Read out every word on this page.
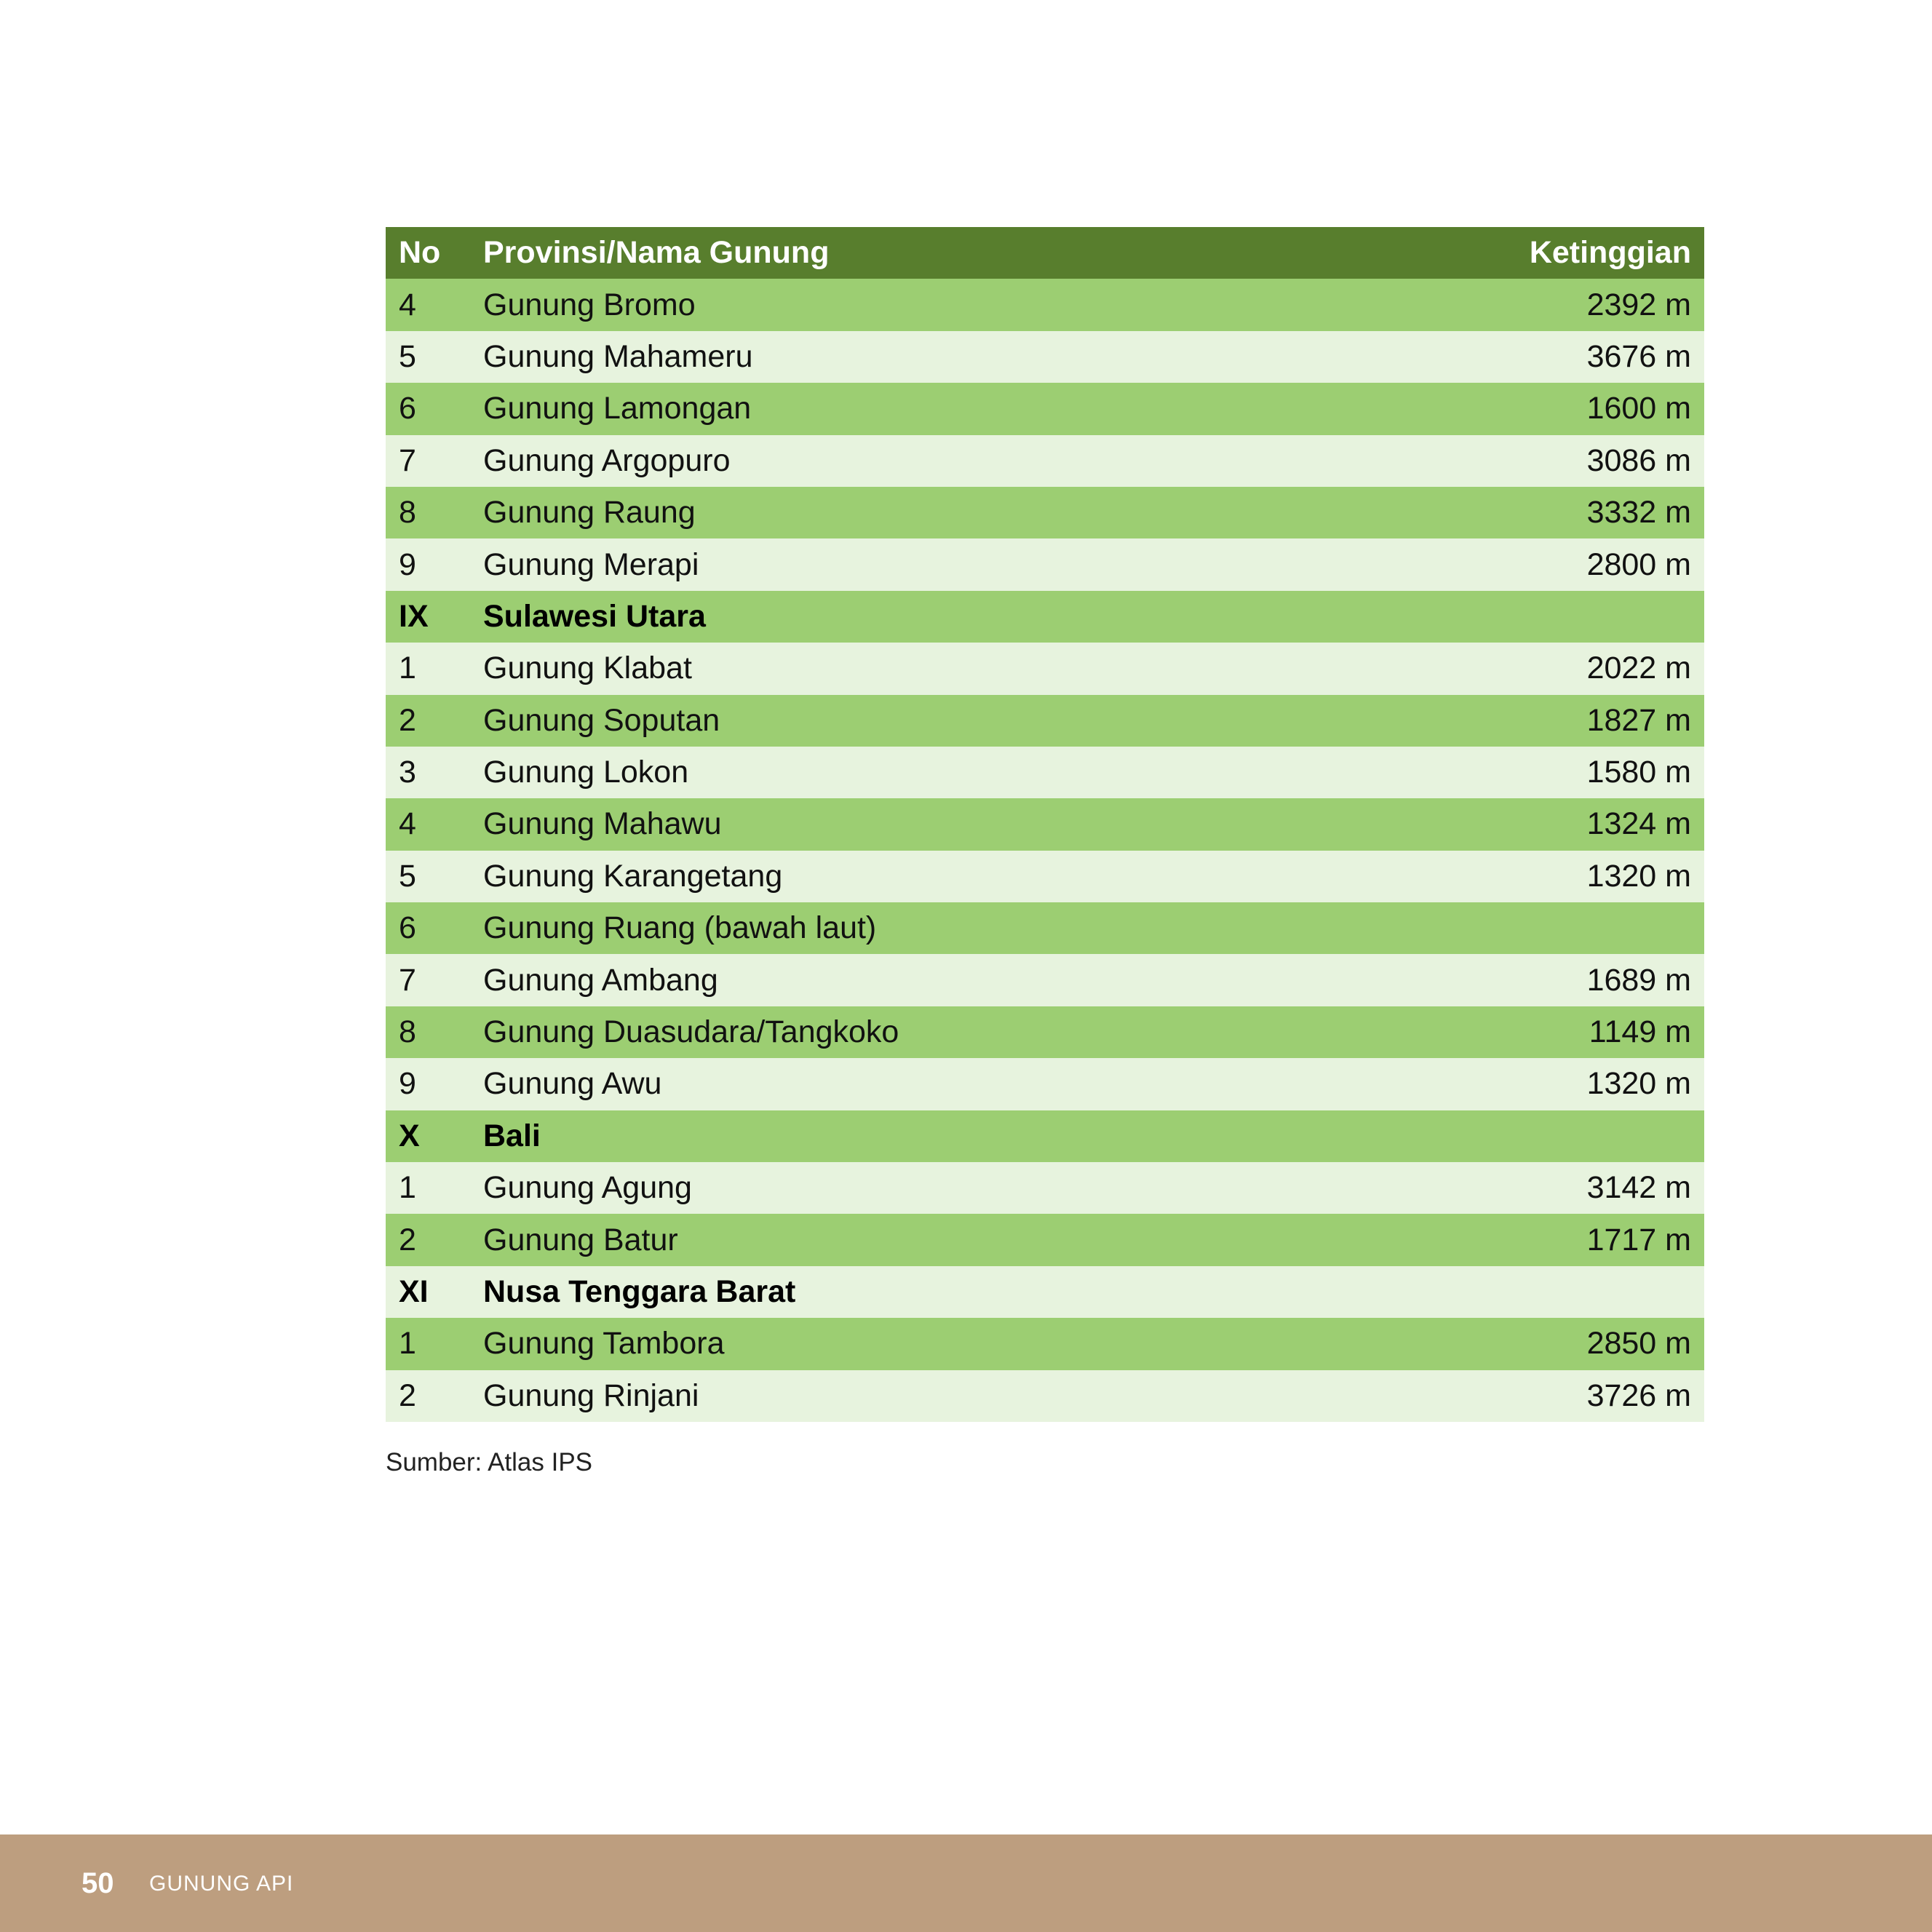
No	Provinsi/Nama Gunung	Ketinggian
4	Gunung Bromo	2392 m
5	Gunung Mahameru	3676 m
6	Gunung Lamongan	1600 m
7	Gunung Argopuro	3086 m
8	Gunung Raung	3332 m
9	Gunung Merapi	2800 m
IX	Sulawesi Utara	
1	Gunung Klabat	2022 m
2	Gunung Soputan	1827 m
3	Gunung Lokon	1580 m
4	Gunung Mahawu	1324 m
5	Gunung Karangetang	1320 m
6	Gunung Ruang (bawah laut)	
7	Gunung Ambang	1689 m
8	Gunung Duasudara/Tangkoko	1149 m
9	Gunung Awu	1320 m
X	Bali	
1	Gunung Agung	3142 m
2	Gunung Batur	1717 m
XI	Nusa Tenggara Barat	
1	Gunung Tambora	2850 m
2	Gunung Rinjani	3726 m
Sumber: Atlas IPS
50 GUNUNG API
